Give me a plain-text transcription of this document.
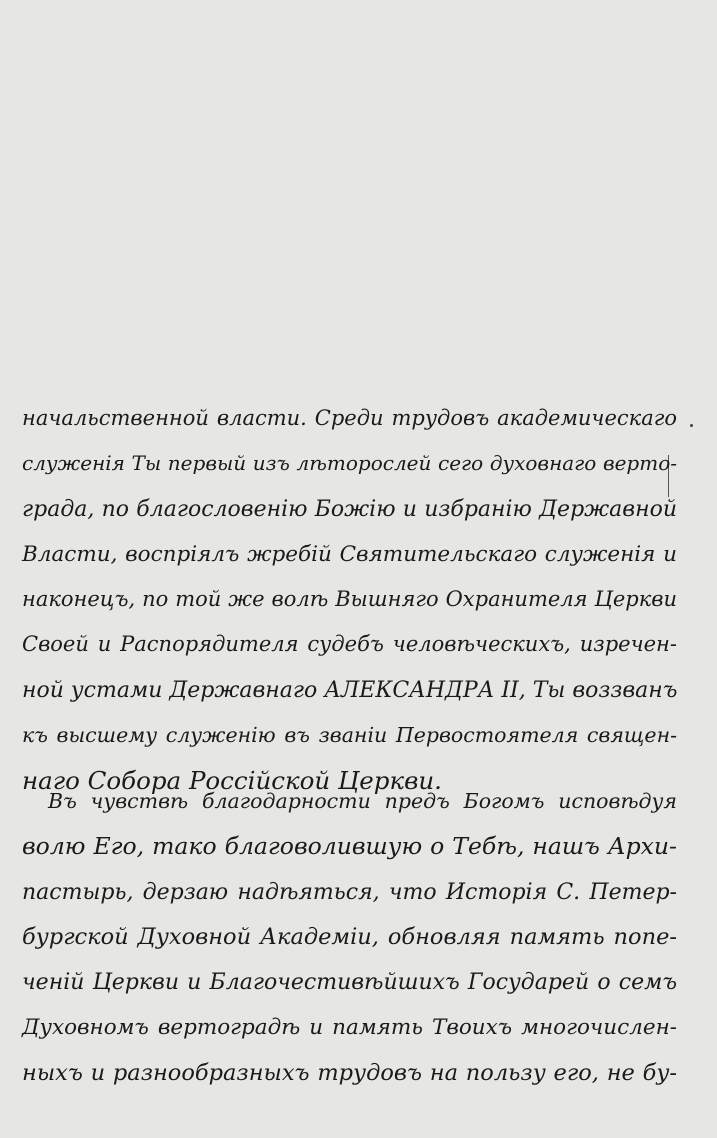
начальственной власти. Среди трудовъ академическаго
служенія Ты первый изъ лѣторослей сего духовнаго верто-
града, по благословенію Божію и избранію Державной
Власти, воспріялъ жребій Святительскаго служенія и
наконецъ, по той же волѣ Вышняго Охранителя Церкви
Своей и Распорядителя судебъ человѣческихъ, изречен-
ной устами Державнаго АЛЕКСАНДРА II, Ты воззванъ
къ высшему служенію въ званіи Первостоятеля священ-
наго Собора Россійской Церкви.
Въ чувствѣ благодарности предъ Богомъ исповѣдуя
волю Его, тако благоволившую о Тебѣ, нашъ Архи-
пастырь, дерзаю надѣяться, что Исторія С. Петер-
бургской Духовной Академіи, обновляя память попе-
ченій Церкви и Благочестивѣйшихъ Государей о семъ
Духовномъ вертоградѣ и память Твоихъ многочислен-
ныхъ и разнообразныхъ трудовъ на пользу его, не бу-
